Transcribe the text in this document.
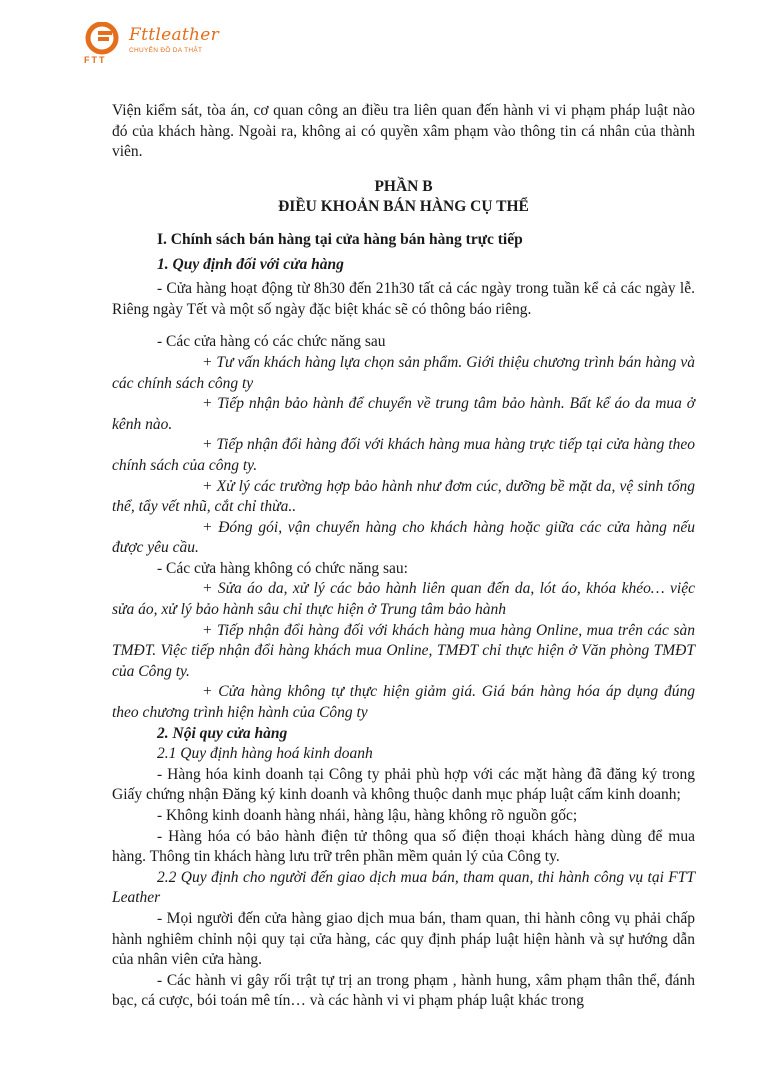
FTT
Fttleather
CHUYÊN ĐỒ DA THẬT

Viện kiểm sát, tòa án, cơ quan công an điều tra liên quan đến hành vi vi phạm pháp luật nào đó của khách hàng. Ngoài ra, không ai có quyền xâm phạm vào thông tin cá nhân của thành viên.

PHẦN B

ĐIỀU KHOẢN BÁN HÀNG CỤ THỂ

I. Chính sách bán hàng tại cửa hàng bán hàng trực tiếp

1. Quy định đối với cửa hàng

- Cửa hàng hoạt động từ 8h30 đến 21h30 tất cả các ngày trong tuần kể cả các ngày lễ. Riêng ngày Tết và một số ngày đặc biệt khác sẽ có thông báo riêng.

- Các cửa hàng có các chức năng sau

+ Tư vấn khách hàng lựa chọn sản phẩm. Giới thiệu chương trình bán hàng và các chính sách công ty

+ Tiếp nhận bảo hành để chuyển về trung tâm bảo hành. Bất kể áo da mua ở kênh nào.

+ Tiếp nhận đổi hàng đối với khách hàng mua hàng trực tiếp tại cửa hàng theo chính sách của công ty.

+ Xử lý các trường hợp bảo hành như đơm cúc, dưỡng bề mặt da, vệ sinh tổng thể, tẩy vết nhũ, cắt chỉ thừa..

+ Đóng gói, vận chuyển hàng cho khách hàng hoặc giữa các cửa hàng nếu được yêu cầu.

- Các cửa hàng không có chức năng sau:

+ Sửa áo da, xử lý các bảo hành liên quan đến da, lót áo, khóa khéo… việc sửa áo, xử lý bảo hành sâu chỉ thực hiện ở Trung tâm bảo hành

+ Tiếp nhận đổi hàng đối với khách hàng mua hàng Online, mua trên các sàn TMĐT. Việc tiếp nhận đổi hàng khách mua Online, TMĐT chỉ thực hiện ở Văn phòng TMĐT của Công ty.

+ Cửa hàng không tự thực hiện giảm giá. Giá bán hàng hóa áp dụng đúng theo chương trình hiện hành của Công ty

2. Nội quy cửa hàng

2.1 Quy định hàng hoá kinh doanh

- Hàng hóa kinh doanh tại Công ty phải phù hợp với các mặt hàng đã đăng ký trong Giấy chứng nhận Đăng ký kinh doanh và không thuộc danh mục pháp luật cấm kinh doanh;

- Không kinh doanh hàng nhái, hàng lậu, hàng không rõ nguồn gốc;

- Hàng hóa có bảo hành điện tử thông qua số điện thoại khách hàng dùng để mua hàng. Thông tin khách hàng lưu trữ trên phần mềm quản lý của Công ty.

2.2 Quy định cho người đến giao dịch mua bán, tham quan, thi hành công vụ tại FTT Leather

- Mọi người đến cửa hàng giao dịch mua bán, tham quan, thi hành công vụ phải chấp hành nghiêm chỉnh nội quy tại cửa hàng, các quy định pháp luật hiện hành và sự hướng dẫn của nhân viên cửa hàng.

- Các hành vi gây rối trật tự trị an trong phạm , hành hung, xâm phạm thân thể, đánh bạc, cá cược, bói toán mê tín… và các hành vi vi phạm pháp luật khác trong
